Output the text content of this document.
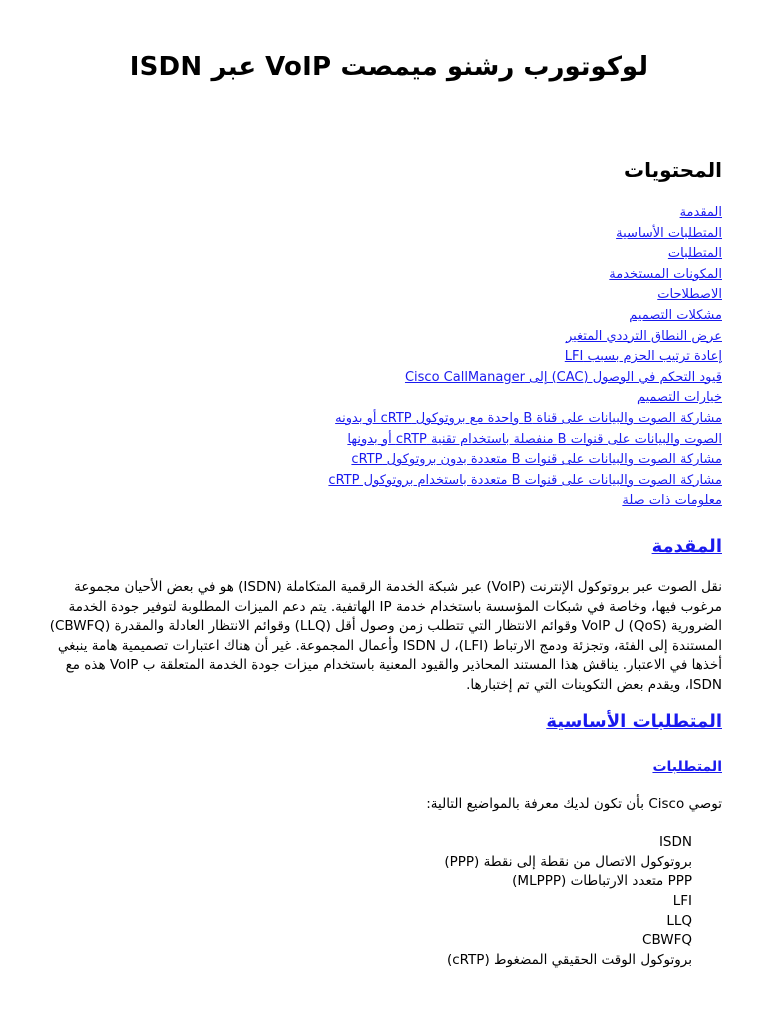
ISDN عبر VoIP لوكوتورب رشنو ميمصت
المحتويات
المقدمة
المتطلبات الأساسية
المتطلبات
المكونات المستخدمة
الاصطلاحات
مشكلات التصميم
عرض النطاق الترددي المتغير
إعادة ترتيب الحزم بسبب LFI
قيود التحكم في الوصول (CAC) إلى Cisco CallManager
خيارات التصميم
مشاركة الصوت والبيانات على قناة B واحدة مع بروتوكول cRTP أو بدونه
الصوت والبيانات على قنوات B منفصلة باستخدام تقنية cRTP أو بدونها
مشاركة الصوت والبيانات على قنوات B متعددة بدون بروتوكول cRTP
مشاركة الصوت والبيانات على قنوات B متعددة باستخدام بروتوكول cRTP
معلومات ذات صلة
المقدمة

نقل الصوت عبر بروتوكول الإنترنت (VoIP) عبر شبكة الخدمة الرقمية المتكاملة (ISDN) هو في بعض الأحيان مجموعة مرغوب فيها، وخاصة في شبكات المؤسسة باستخدام خدمة IP الهاتفية. يتم دعم الميزات المطلوبة لتوفير جودة الخدمة الضرورية (QoS) ل VoIP وقوائم الانتظار التي تتطلب زمن وصول أقل (LLQ) وقوائم الانتظار العادلة والمقدرة (CBWFQ) المستندة إلى الفئة، وتجزئة ودمج الارتباط (LFI)، ل ISDN وأعمال المجموعة. غير أن هناك اعتبارات تصميمية هامة ينبغي أخذها في الاعتبار. يناقش هذا المستند المحاذير والقيود المعنية باستخدام ميزات جودة الخدمة المتعلقة ب VoIP هذه مع ISDN، ويقدم بعض التكوينات التي تم إختبارها.

المتطلبات الأساسية
المتطلبات

توصي Cisco بأن تكون لديك معرفة بالمواضيع التالية:

ISDN
بروتوكول الاتصال من نقطة إلى نقطة (PPP)
PPP متعدد الارتباطات (MLPPP)
LFI
LLQ
CBWFQ
بروتوكول الوقت الحقيقي المضغوط (cRTP)
